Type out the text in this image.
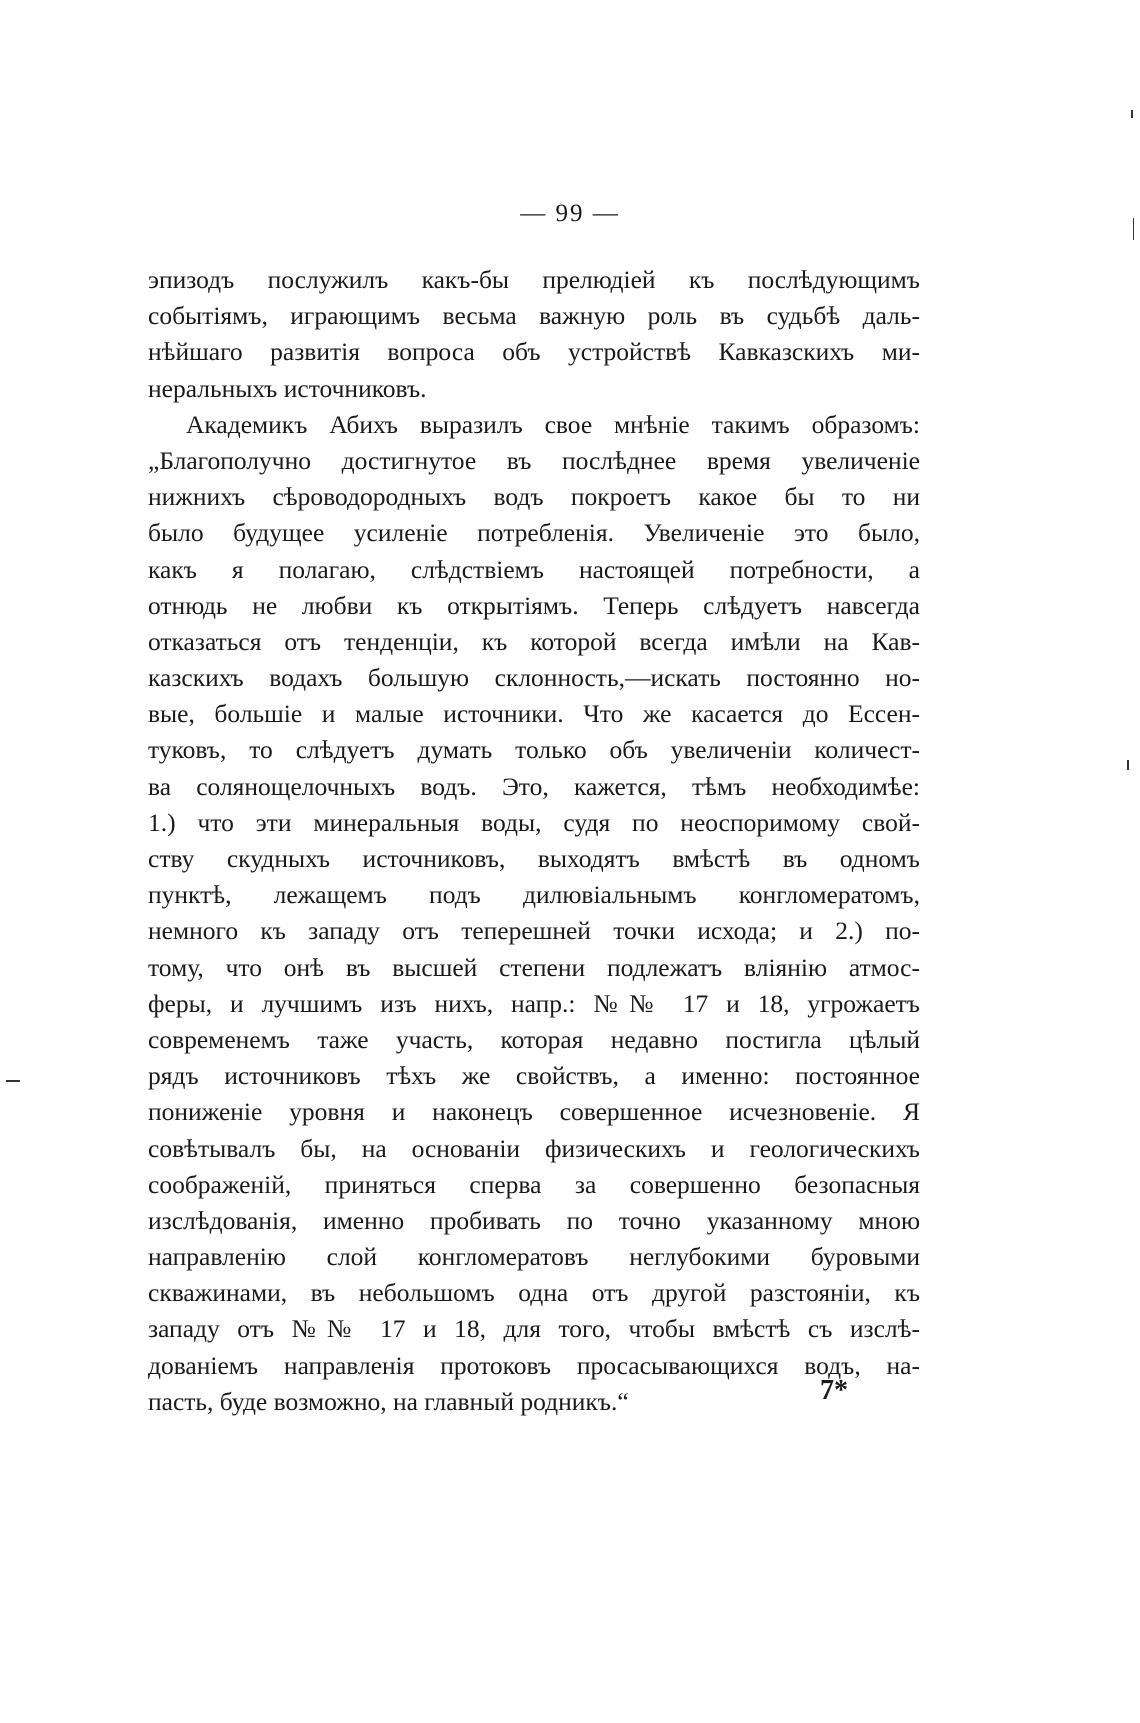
— 99 —
эпизодъ послужилъ какъ-бы прелюдіей къ послѣдующимъ
событіямъ, играющимъ весьма важную роль въ судьбѣ даль-
нѣйшаго развитія вопроса объ устройствѣ Кавказскихъ ми-
неральныхъ источниковъ.
Академикъ Абихъ выразилъ свое мнѣніе такимъ образомъ:
„Благополучно достигнутое въ послѣднее время увеличеніе
нижнихъ сѣроводородныхъ водъ покроетъ какое бы то ни
было будущее усиленіе потребленія. Увеличеніе это было,
какъ я полагаю, слѣдствіемъ настоящей потребности, а
отнюдь не любви къ открытіямъ. Теперь слѣдуетъ навсегда
отказаться отъ тенденціи, къ которой всегда имѣли на Кав-
казскихъ водахъ большую склонность,—искать постоянно но-
вые, большіе и малые источники. Что же касается до Ессен-
туковъ, то слѣдуетъ думать только объ увеличеніи количест-
ва солянощелочныхъ водъ. Это, кажется, тѣмъ необходимѣе:
1.) что эти минеральныя воды, судя по неоспоримому свой-
ству скудныхъ источниковъ, выходятъ вмѣстѣ въ одномъ
пунктѣ, лежащемъ подъ дилювіальнымъ конгломератомъ,
немного къ западу отъ теперешней точки исхода; и 2.) по-
тому, что онѣ въ высшей степени подлежатъ вліянію атмос-
феры, и лучшимъ изъ нихъ, напр.: №№ 17 и 18, угрожаетъ
современемъ таже участь, которая недавно постигла цѣлый
рядъ источниковъ тѣхъ же свойствъ, а именно: постоянное
пониженіе уровня и наконецъ совершенное исчезновеніе. Я
совѣтывалъ бы, на основаніи физическихъ и геологическихъ
соображеній, приняться сперва за совершенно безопасныя
изслѣдованія, именно пробивать по точно указанному мною
направленію слой конгломератовъ неглубокими буровыми
скважинами, въ небольшомъ одна отъ другой разстояніи, къ
западу отъ №№ 17 и 18, для того, чтобы вмѣстѣ съ изслѣ-
дованіемъ направленія протоковъ просасывающихся водъ, на-
пасть, буде возможно, на главный родникъ.“	7*
